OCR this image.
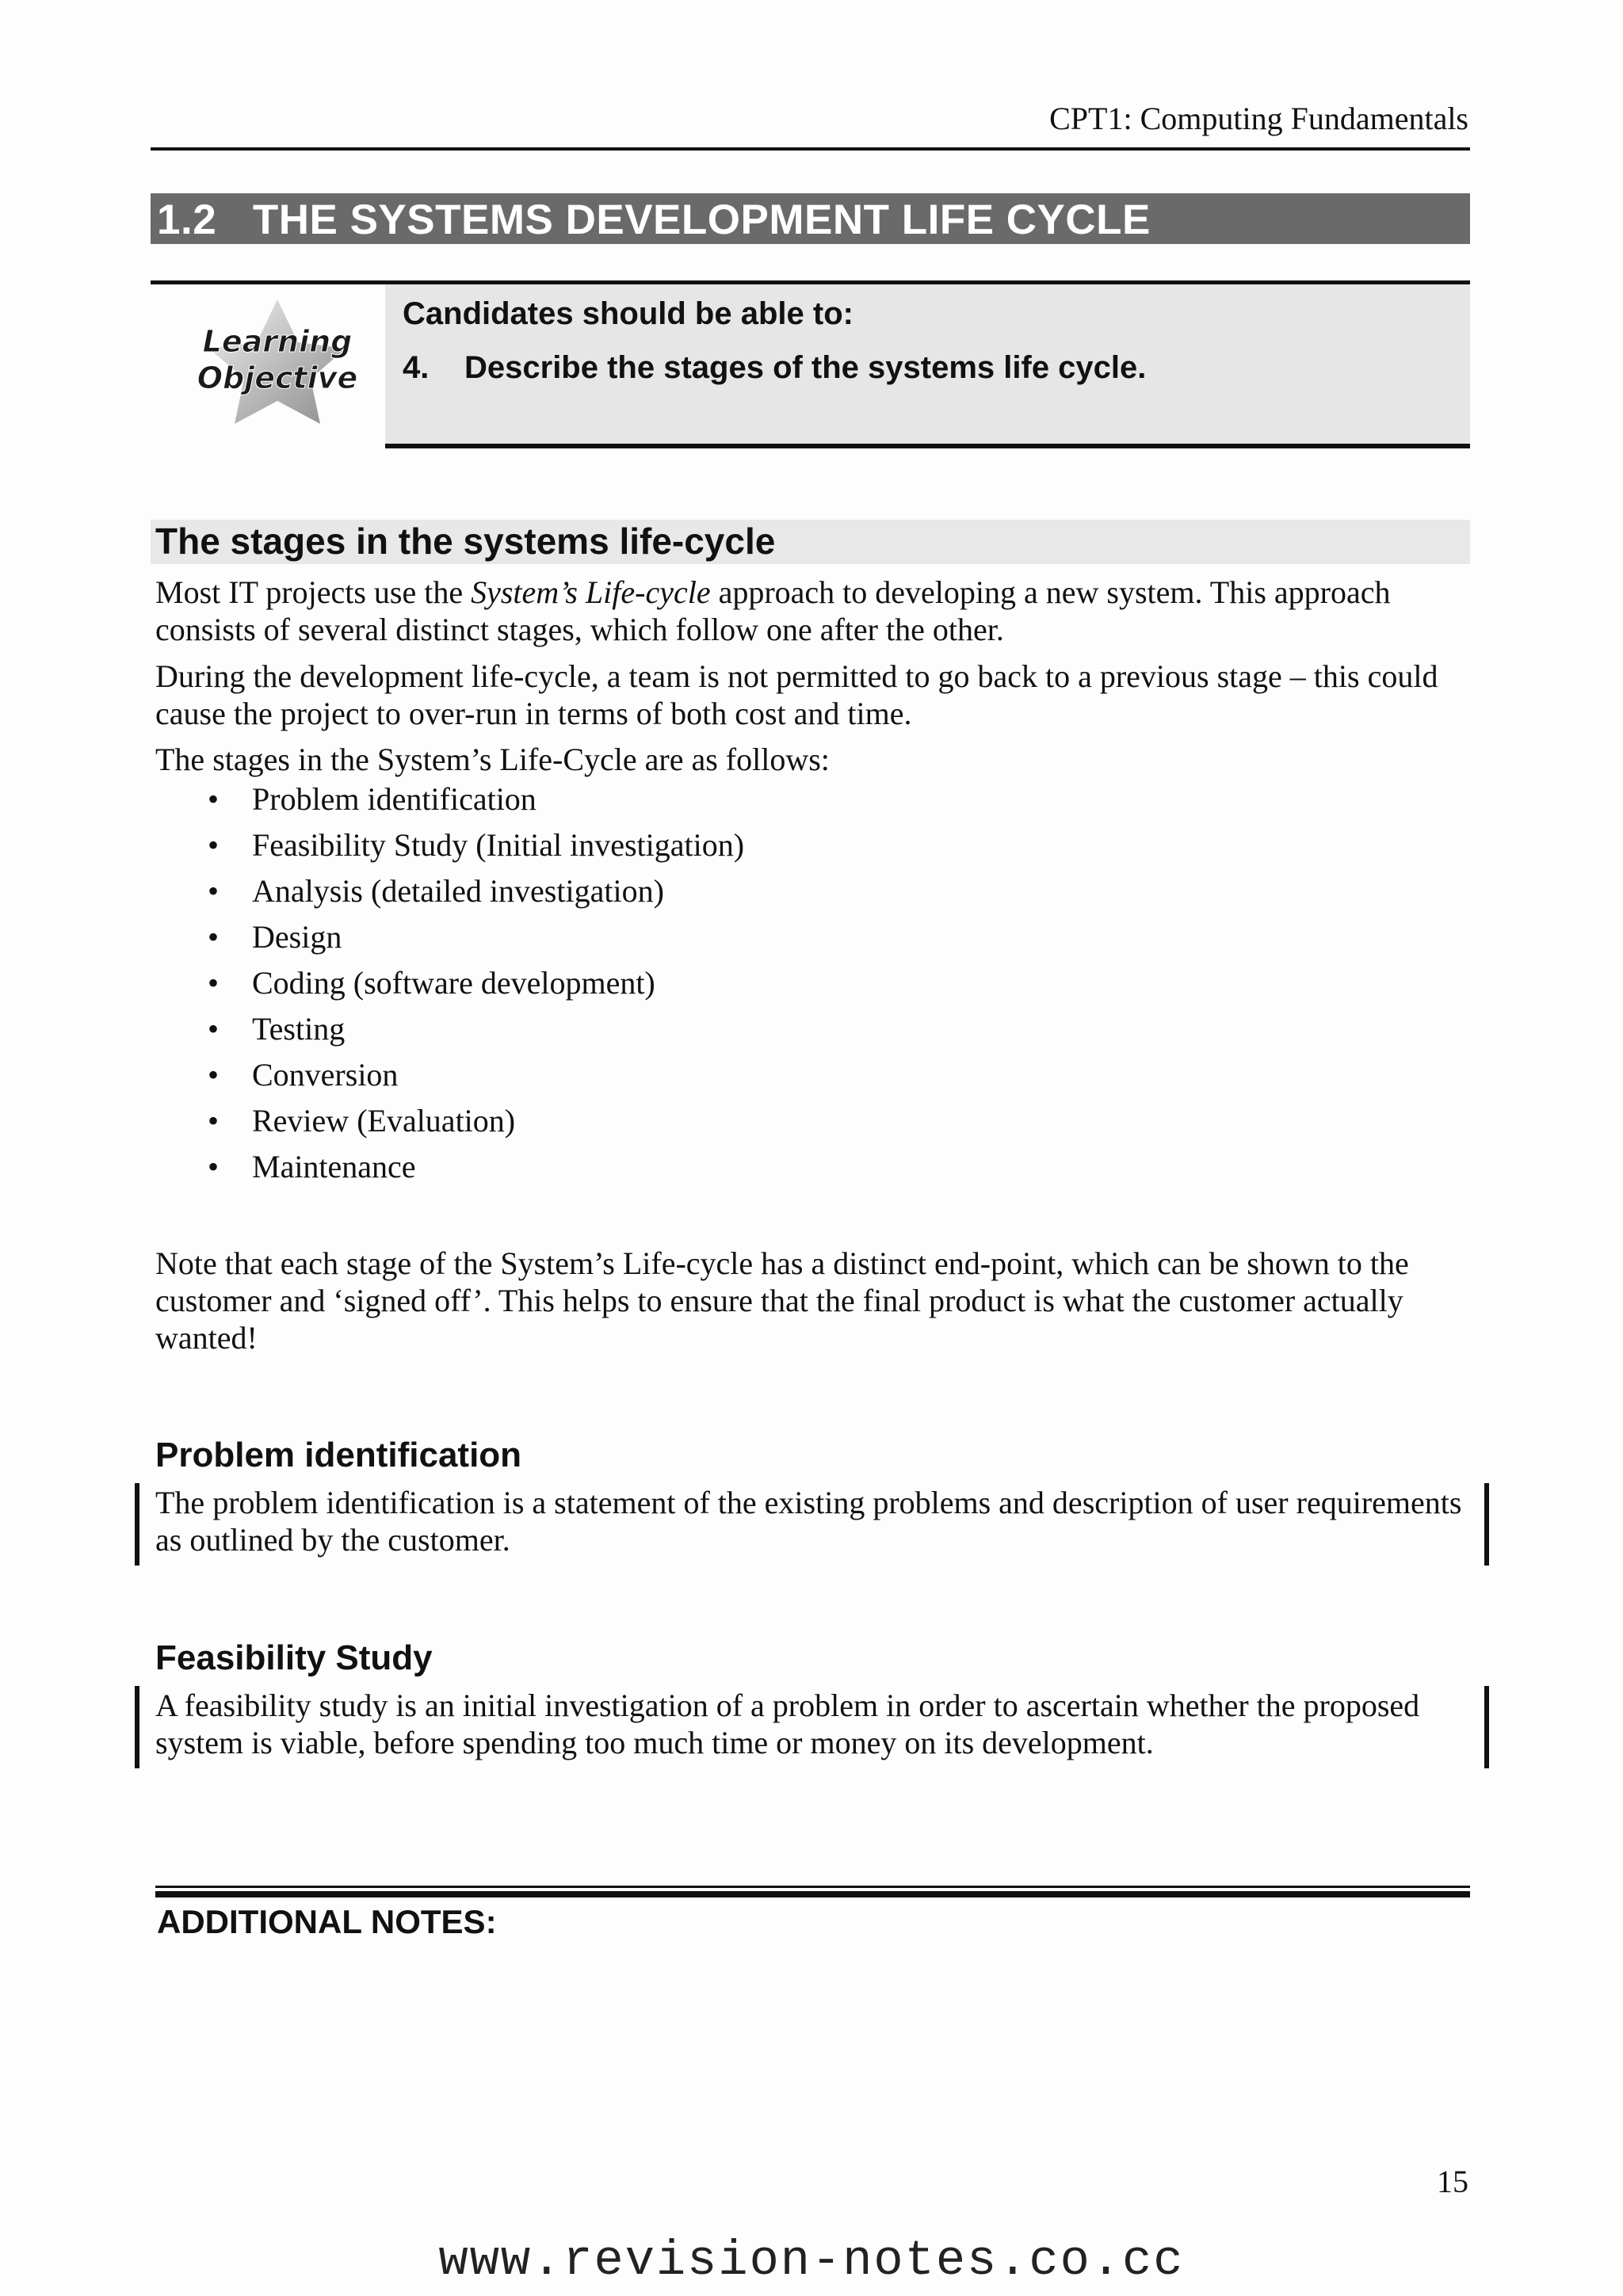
CPT1: Computing Fundamentals
1.2   THE SYSTEMS DEVELOPMENT LIFE CYCLE
Learning
Objective
Candidates should be able to:
4. Describe the stages of the systems life cycle.
The stages in the systems life-cycle
Most IT projects use the System’s Life-cycle approach to developing a new system. This approach consists of several distinct stages, which follow one after the other.
During the development life-cycle, a team is not permitted to go back to a previous stage – this could cause the project to over-run in terms of both cost and time.
The stages in the System’s Life-Cycle are as follows:
• Problem identification
• Feasibility Study (Initial investigation)
• Analysis (detailed investigation)
• Design
• Coding (software development)
• Testing
• Conversion
• Review (Evaluation)
• Maintenance
Note that each stage of the System’s Life-cycle has a distinct end-point, which can be shown to the customer and ‘signed off’. This helps to ensure that the final product is what the customer actually wanted!
Problem identification
The problem identification is a statement of the existing problems and description of user requirements as outlined by the customer.
Feasibility Study
A feasibility study is an initial investigation of a problem in order to ascertain whether the proposed system is viable, before spending too much time or money on its development.
ADDITIONAL NOTES:
15
www.revision-notes.co.cc
